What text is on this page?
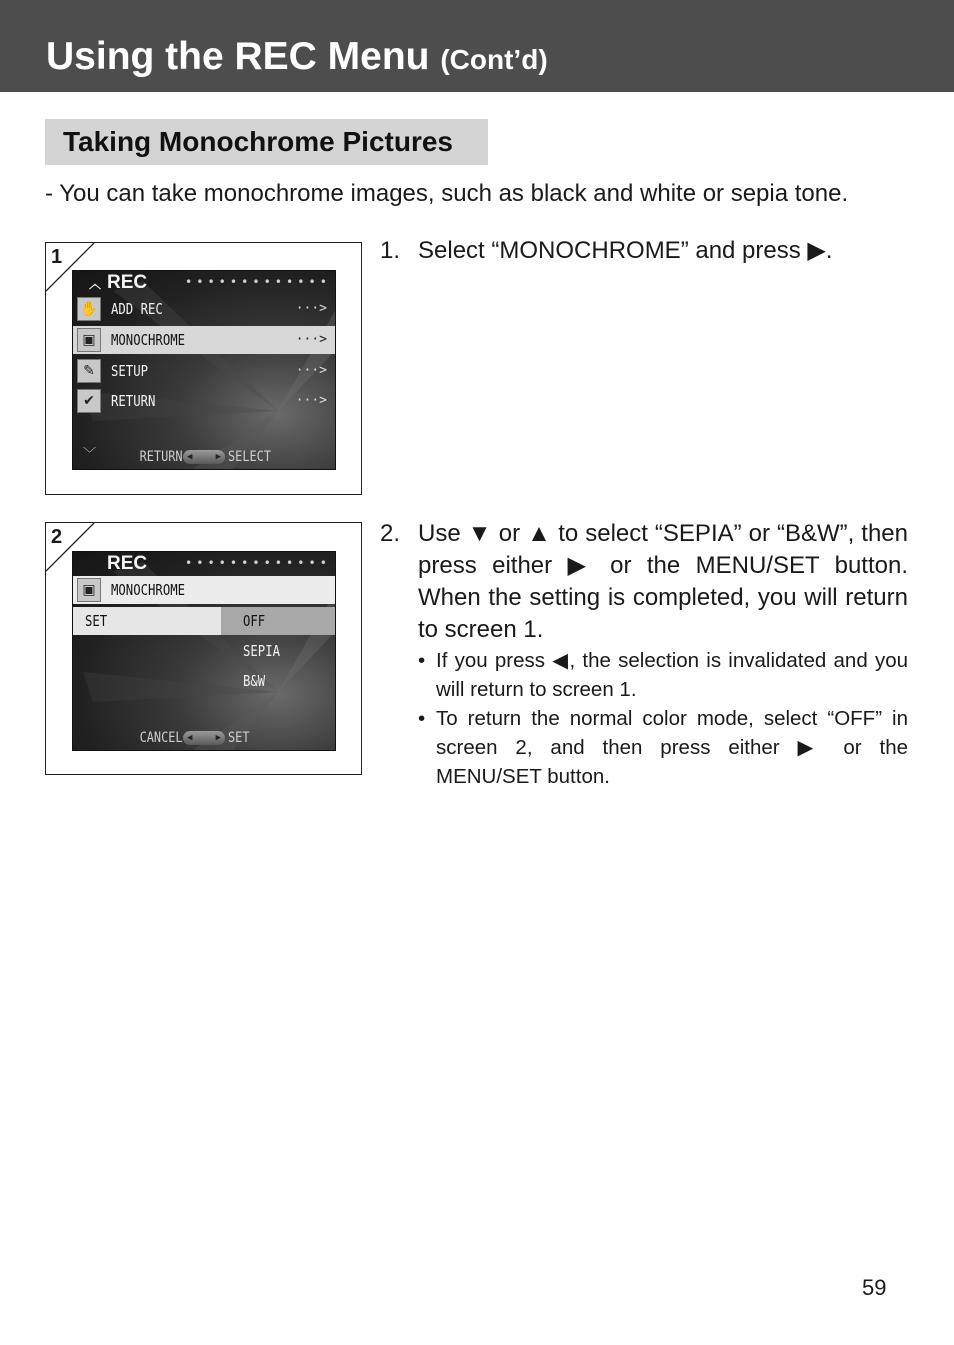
Using the REC Menu (Cont’d)
Taking Monochrome Pictures
- You can take monochrome images, such as black and white or sepia tone.
1
︿ REC	•••••••••••••
✋ ADD REC	···>
▣	MONOCHROME	···>
✎	SETUP	···>
✔	RETURN	···>
﹀	RETURN ◀	▶ SELECT
2
REC	•••••••••••••
▣	MONOCHROME
SET	OFF
SEPIA
B&W
CANCEL ◀	▶ SET
1. Select “MONOCHROME” and press ▶.
2. Use ▼ or ▲ to select “SEPIA” or “B&W”, then press either ▶ or the MENU/SET button. When the setting is completed, you will return to screen 1.
• If you press ◀, the selection is invalidated and you will return to screen 1.
• To return the normal color mode, select “OFF” in screen 2, and then press either ▶ or the MENU/SET button.
59
